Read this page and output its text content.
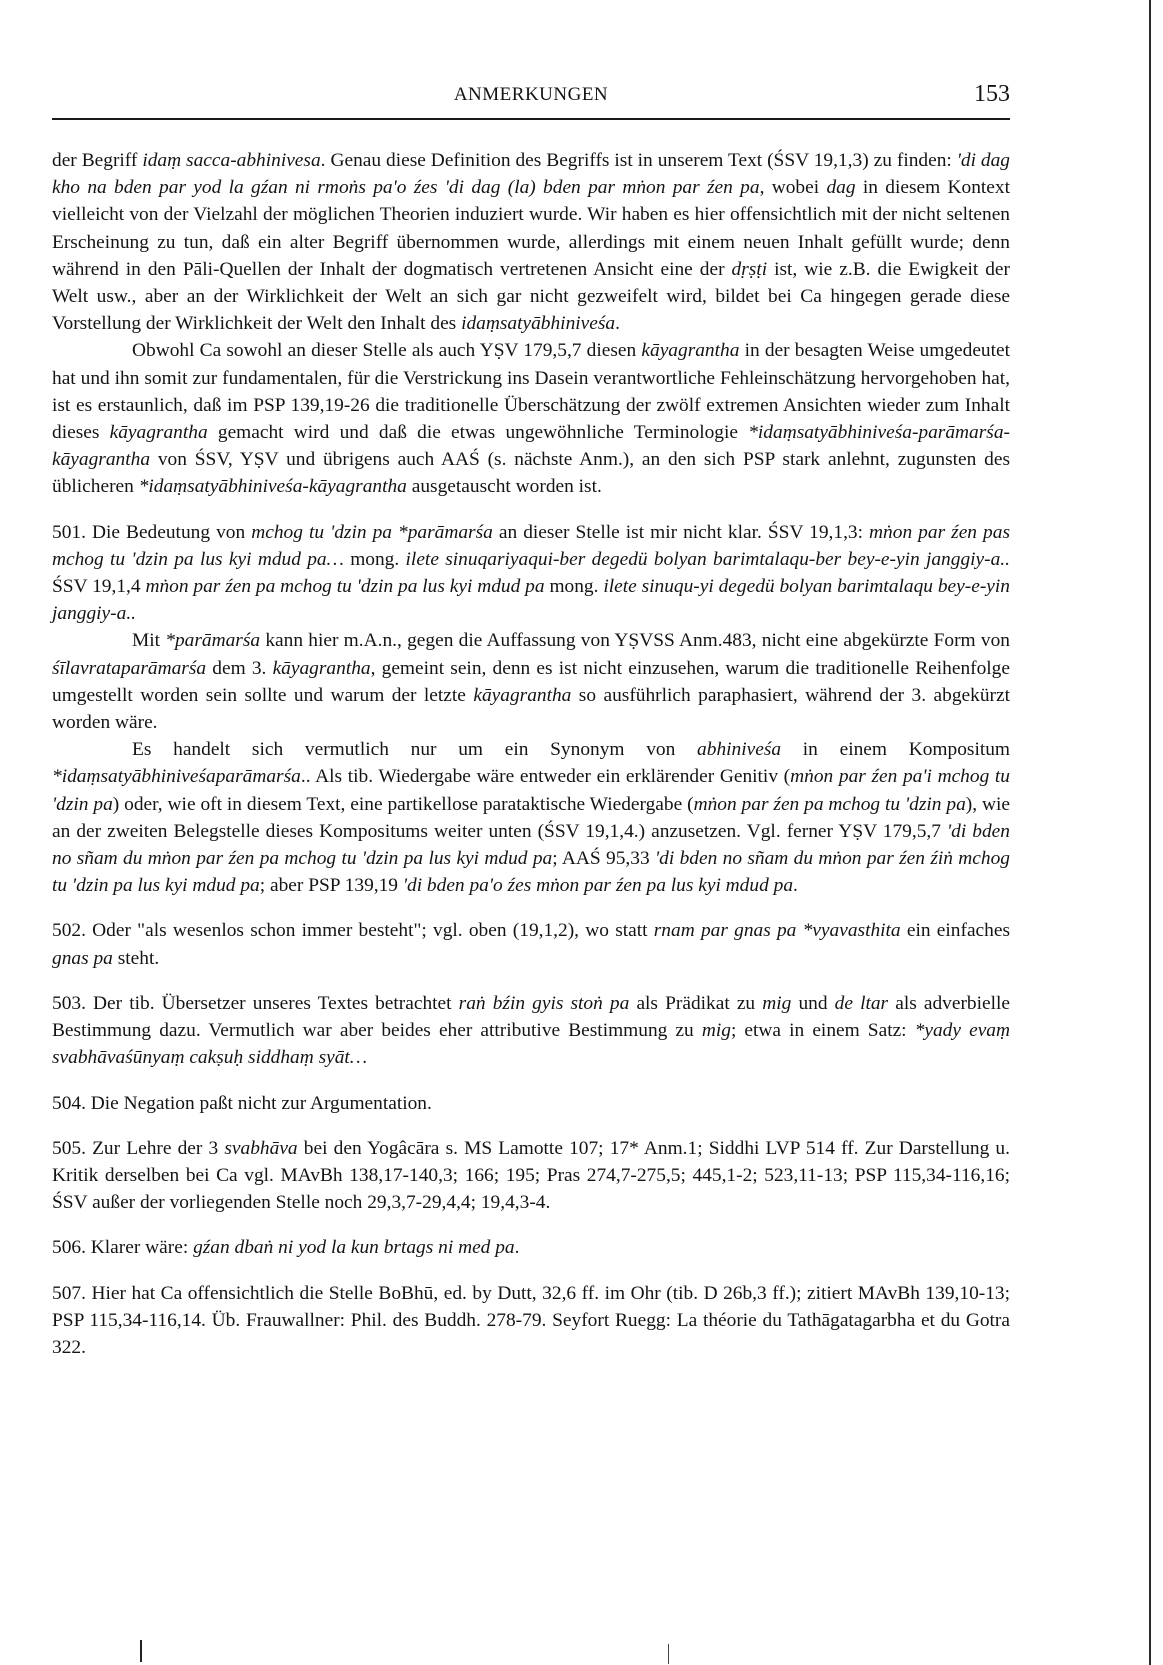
ANMERKUNGEN	153

der Begriff idaṃ sacca-abhinivesa. Genau diese Definition des Begriffs ist in unserem Text (ŚSV 19,1,3) zu finden: 'di dag kho na bden par yod la gźan ni rmoṅs pa'o źes 'di dag (la) bden par mṅon par źen pa, wobei dag in diesem Kontext vielleicht von der Vielzahl der möglichen Theorien induziert wurde. Wir haben es hier offensichtlich mit der nicht seltenen Erscheinung zu tun, daß ein alter Begriff übernommen wurde, allerdings mit einem neuen Inhalt gefüllt wurde; denn während in den Pāli-Quellen der Inhalt der dogmatisch vertretenen Ansicht eine der dṛṣṭi ist, wie z.B. die Ewigkeit der Welt usw., aber an der Wirklichkeit der Welt an sich gar nicht gezweifelt wird, bildet bei Ca hingegen gerade diese Vorstellung der Wirklichkeit der Welt den Inhalt des idaṃsatyābhiniveśa.

Obwohl Ca sowohl an dieser Stelle als auch YṢV 179,5,7 diesen kāyagrantha in der besagten Weise umgedeutet hat und ihn somit zur fundamentalen, für die Verstrickung ins Dasein verantwortliche Fehleinschätzung hervorgehoben hat, ist es erstaunlich, daß im PSP 139,19-26 die traditionelle Überschätzung der zwölf extremen Ansichten wieder zum Inhalt dieses kāyagrantha gemacht wird und daß die etwas ungewöhnliche Terminologie *idaṃsatyābhiniveśa-parāmarśa-kāyagrantha von ŚSV, YṢV und übrigens auch AAŚ (s. nächste Anm.), an den sich PSP stark anlehnt, zugunsten des üblicheren *idaṃsatyābhiniveśa-kāyagrantha ausgetauscht worden ist.

501. Die Bedeutung von mchog tu 'dzin pa *parāmarśa an dieser Stelle ist mir nicht klar. ŚSV 19,1,3: mṅon par źen pas mchog tu 'dzin pa lus kyi mdud pa… mong. ilete sinuqariyaqui-ber degedü bolyan barimtalaqu-ber bey-e-yin janggiy-a.. ŚSV 19,1,4 mṅon par źen pa mchog tu 'dzin pa lus kyi mdud pa mong. ilete sinuqu-yi degedü bolyan barimtalaqu bey-e-yin janggiy-a..

Mit *parāmarśa kann hier m.A.n., gegen die Auffassung von YṢVSS Anm.483, nicht eine abgekürzte Form von śīlavrataparāmarśa dem 3. kāyagrantha, gemeint sein, denn es ist nicht einzusehen, warum die traditionelle Reihenfolge umgestellt worden sein sollte und warum der letzte kāyagrantha so ausführlich paraphasiert, während der 3. abgekürzt worden wäre.

Es handelt sich vermutlich nur um ein Synonym von abhiniveśa in einem Kompositum *idaṃsatyābhiniveśaparāmarśa.. Als tib. Wiedergabe wäre entweder ein erklärender Genitiv (mṅon par źen pa'i mchog tu 'dzin pa) oder, wie oft in diesem Text, eine partikellose parataktische Wiedergabe (mṅon par źen pa mchog tu 'dzin pa), wie an der zweiten Belegstelle dieses Kompositums weiter unten (ŚSV 19,1,4.) anzusetzen. Vgl. ferner YṢV 179,5,7 'di bden no sñam du mṅon par źen pa mchog tu 'dzin pa lus kyi mdud pa; AAŚ 95,33 'di bden no sñam du mṅon par źen źiṅ mchog tu 'dzin pa lus kyi mdud pa; aber PSP 139,19 'di bden pa'o źes mṅon par źen pa lus kyi mdud pa.

502. Oder "als wesenlos schon immer besteht"; vgl. oben (19,1,2), wo statt rnam par gnas pa *vyavasthita ein einfaches gnas pa steht.

503. Der tib. Übersetzer unseres Textes betrachtet raṅ bźin gyis stoṅ pa als Prädikat zu mig und de ltar als adverbielle Bestimmung dazu. Vermutlich war aber beides eher attributive Bestimmung zu mig; etwa in einem Satz: *yady evaṃ svabhāvaśūnyaṃ cakṣuḥ siddhaṃ syāt…

504. Die Negation paßt nicht zur Argumentation.

505. Zur Lehre der 3 svabhāva bei den Yogâcāra s. MS Lamotte 107; 17* Anm.1; Siddhi LVP 514 ff. Zur Darstellung u. Kritik derselben bei Ca vgl. MAvBh 138,17-140,3; 166; 195; Pras 274,7-275,5; 445,1-2; 523,11-13; PSP 115,34-116,16; ŚSV außer der vorliegenden Stelle noch 29,3,7-29,4,4; 19,4,3-4.

506. Klarer wäre: gźan dbaṅ ni yod la kun brtags ni med pa.

507. Hier hat Ca offensichtlich die Stelle BoBhū, ed. by Dutt, 32,6 ff. im Ohr (tib. D 26b,3 ff.); zitiert MAvBh 139,10-13; PSP 115,34-116,14. Üb. Frauwallner: Phil. des Buddh. 278-79. Seyfort Ruegg: La théorie du Tathāgatagarbha et du Gotra 322.
